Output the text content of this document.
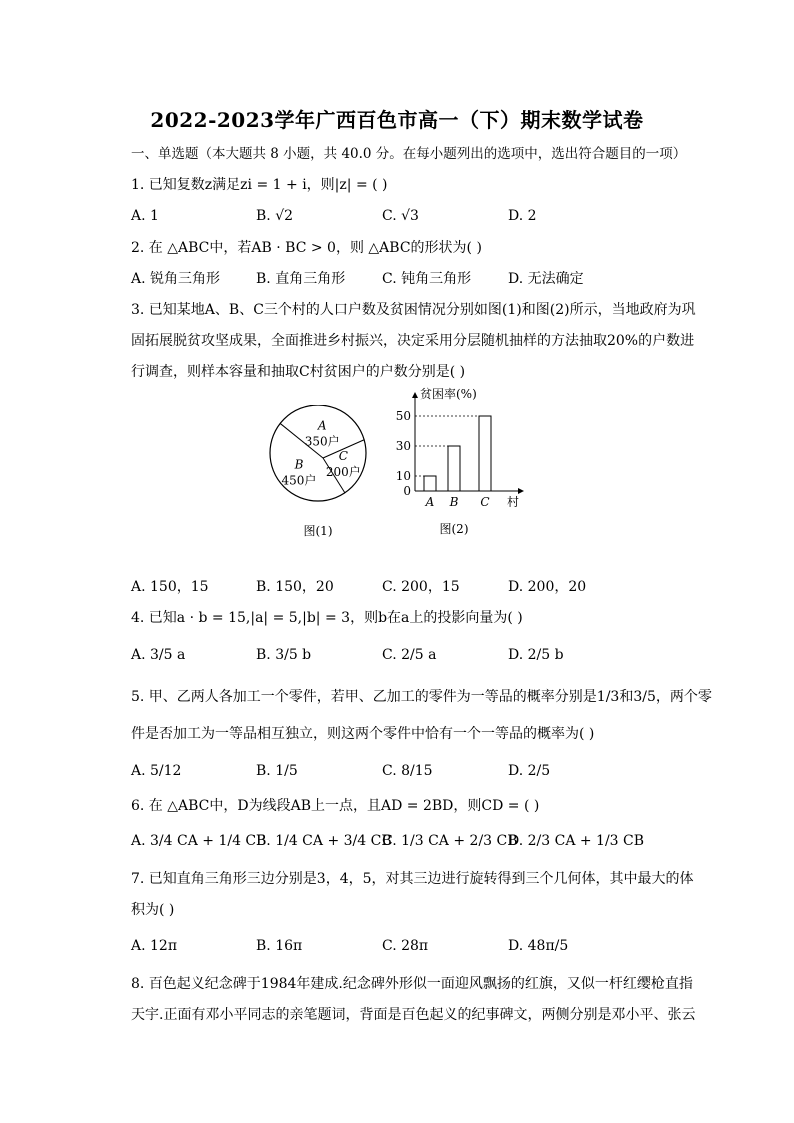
2022-2023学年广西百色市高一（下）期末数学试卷
一、单选题（本大题共 8 小题，共 40.0 分。在每小题列出的选项中，选出符合题目的一项）
1. 已知复数z满足zi = 1 + i，则|z| = ( )
A. 1	B. √2	C. √3	D. 2
2. 在 △ABC中，若AB · BC > 0，则 △ABC的形状为( )
A. 锐角三角形	B. 直角三角形	C. 钝角三角形	D. 无法确定
3. 已知某地A、B、C三个村的人口户数及贫困情况分别如图(1)和图(2)所示，当地政府为巩
固拓展脱贫攻坚成果，全面推进乡村振兴，决定采用分层随机抽样的方法抽取20%的户数进
行调查，则样本容量和抽取C村贫困户的户数分别是( )
A
350户
C
200户
B
450户
图(1)
贫困率(%)
村
0
10
30
50
A B C
图(2)
A. 150，15	B. 150，20	C. 200，15	D. 200，20
4. 已知a · b = 15,|a| = 5,|b| = 3，则b在a上的投影向量为( )
A. 3/5 a	B. 3/5 b	C. 2/5 a	D. 2/5 b
5. 甲、乙两人各加工一个零件，若甲、乙加工的零件为一等品的概率分别是1/3和3/5，两个零
件是否加工为一等品相互独立，则这两个零件中恰有一个一等品的概率为( )
A. 5/12	B. 1/5	C. 8/15	D. 2/5
6. 在 △ABC中，D为线段AB上一点，且AD = 2BD，则CD = ( )
A. 3/4 CA + 1/4 CB
B. 1/4 CA + 3/4 CB
C. 1/3 CA + 2/3 CB
D. 2/3 CA + 1/3 CB
7. 已知直角三角形三边分别是3，4，5，对其三边进行旋转得到三个几何体，其中最大的体
积为( )
A. 12π	B. 16π	C. 28π	D. 48π/5
8. 百色起义纪念碑于1984年建成.纪念碑外形似一面迎风飘扬的红旗，又似一杆红缨枪直指
天宇.正面有邓小平同志的亲笔题词，背面是百色起义的纪事碑文，两侧分别是邓小平、张云
